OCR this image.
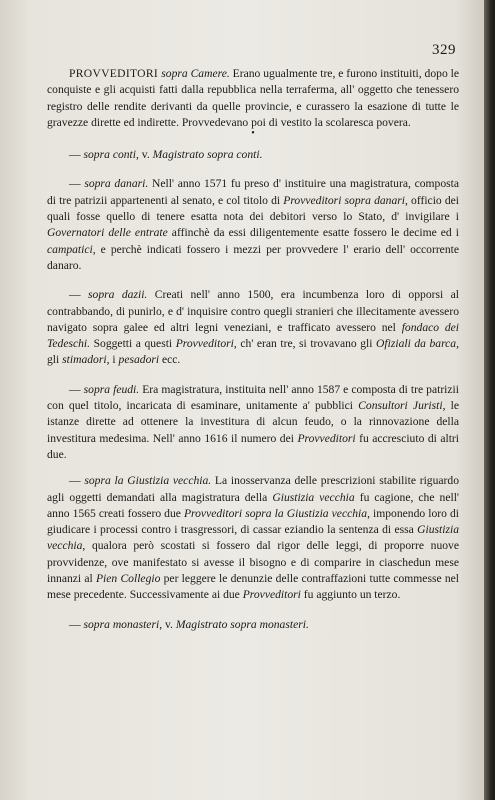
329

PROVVEDITORI sopra Camere. Erano ugualmente tre, e furono instituiti, dopo le conquiste e gli acquisti fatti dalla repubblica nella terraferma, all' oggetto che tenessero registro delle rendite derivanti da quelle provincie, e curassero la esazione di tutte le gravezze dirette ed indirette. Provvedevano poi di vestito la scolaresca povera.

•

— sopra conti, v. Magistrato sopra conti.

— sopra danari. Nell' anno 1571 fu preso d' instituire una magistratura, composta di tre patrizii appartenenti al senato, e col titolo di Provveditori sopra danari, officio dei quali fosse quello di tenere esatta nota dei debitori verso lo Stato, d' invigilare i Governatori delle entrate affinchè da essi diligentemente esatte fossero le decime ed i campatici, e perchè indicati fossero i mezzi per provvedere l' erario dell' occorrente danaro.

— sopra dazii. Creati nell' anno 1500, era incumbenza loro di opporsi al contrabbando, di punirlo, e d' inquisire contro quegli stranieri che illecitamente avessero navigato sopra galee ed altri legni veneziani, e trafficato avessero nel fondaco dei Tedeschi. Soggetti a questi Provveditori, ch' eran tre, si trovavano gli Ofiziali da barca, gli stimadori, i pesadori ecc.

— sopra feudi. Era magistratura, instituita nell' anno 1587 e composta di tre patrizii con quel titolo, incaricata di esaminare, unitamente a' pubblici Consultori Juristi, le istanze dirette ad ottenere la investitura di alcun feudo, o la rinnovazione della investitura medesima. Nell' anno 1616 il numero dei Provveditori fu accresciuto di altri due.

— sopra la Giustizia vecchia. La inosservanza delle prescrizioni stabilite riguardo agli oggetti demandati alla magistratura della Giustizia vecchia fu cagione, che nell' anno 1565 creati fossero due Provveditori sopra la Giustizia vecchia, imponendo loro di giudicare i processi contro i trasgressori, di cassar eziandio la sentenza di essa Giustizia vecchia, qualora però scostati si fossero dal rigor delle leggi, di proporre nuove provvidenze, ove manifestato si avesse il bisogno e di comparire in ciaschedun mese innanzi al Pien Collegio per leggere le denunzie delle contraffazioni tutte commesse nel mese precedente. Successivamente ai due Provveditori fu aggiunto un terzo.

— sopra monasteri, v. Magistrato sopra monasteri.
